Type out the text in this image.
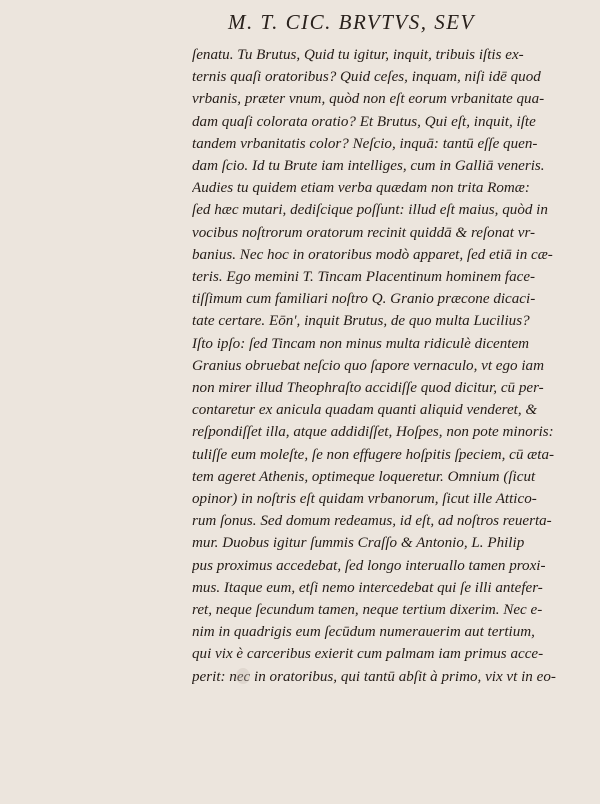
M. T. CIC. BRVTVS, SEV
ſenatu. Tu Brutus, Quid tu igitur, inquit, tribuis iſtis ex-
ternis quaſi oratoribus? Quid ceſes, inquam, niſi idē quod
vrbanis, præter vnum, quòd non eſt eorum vrbanitate qua-
dam quaſi colorata oratio? Et Brutus, Qui eſt, inquit, iſte
tandem vrbanitatis color? Neſcio, inquā: tantū eſſe quen-
dam ſcio. Id tu Brute iam intelliges, cum in Galliā veneris.
Audies tu quidem etiam verba quædam non trita Romæ:
ſed hæc mutari, dediſcique poſſunt: illud eſt maius, quòd in
vocibus noſtrorum oratorum recinit quiddā & reſonat vr-
banius. Nec hoc in oratoribus modò apparet, ſed etiā in cæ-
teris. Ego memini T. Tincam Placentinum hominem face-
tiſſimum cum familiari noſtro Q. Granio præcone dicaci-
tate certare. Eōn', inquit Brutus, de quo multa Lucilius?
Iſto ipſo: ſed Tincam non minus multa ridiculè dicentem
Granius obruebat neſcio quo ſapore vernaculo, vt ego iam
non mirer illud Theophraſto accidiſſe quod dicitur, cū per-
contaretur ex anicula quadam quanti aliquid venderet, &
reſpondiſſet illa, atque addidiſſet, Hoſpes, non pote minoris:
tuliſſe eum moleſte, ſe non effugere hoſpitis ſpeciem, cū æta-
tem ageret Athenis, optimeque loqueretur. Omnium (ſicut
opinor) in noſtris eſt quidam vrbanorum, ſicut ille Attico-
rum ſonus. Sed domum redeamus, id eſt, ad noſtros reuerta-
mur. Duobus igitur ſummis Craſſo & Antonio, L. Philip
pus proximus accedebat, ſed longo interuallo tamen proxi-
mus. Itaque eum, etſi nemo intercedebat qui ſe illi antefer-
ret, neque ſecundum tamen, neque tertium dixerim. Nec e-
nim in quadrigis eum ſecūdum numerauerim aut tertium,
qui vix è carceribus exierit cum palmam iam primus acce-
perit: nec in oratoribus, qui tantū abſit à primo, vix vt in eo-
